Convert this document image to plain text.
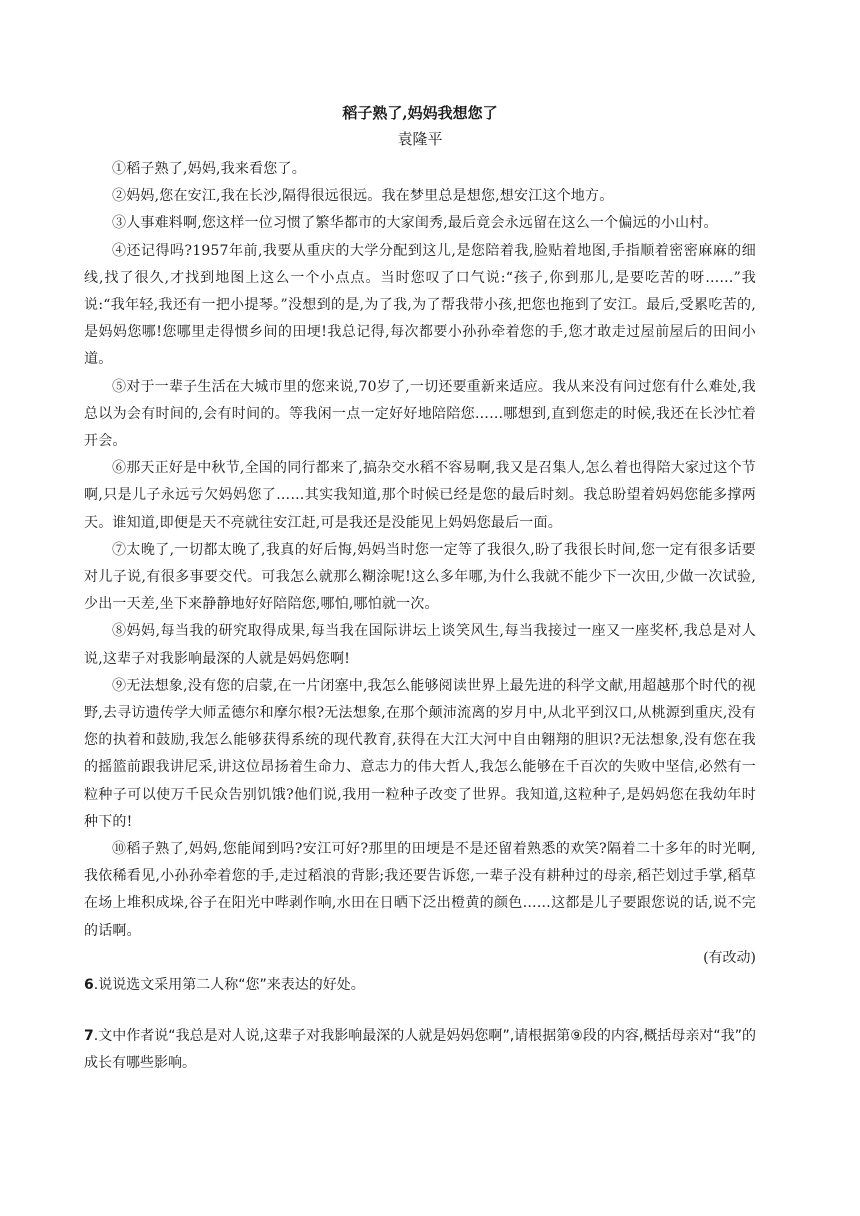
稻子熟了,妈妈我想您了
袁隆平

①稻子熟了,妈妈,我来看您了。

②妈妈,您在安江,我在长沙,隔得很远很远。我在梦里总是想您,想安江这个地方。

③人事难料啊,您这样一位习惯了繁华都市的大家闺秀,最后竟会永远留在这么一个偏远的小山村。

④还记得吗?1957年前,我要从重庆的大学分配到这儿,是您陪着我,脸贴着地图,手指顺着密密麻麻的细线,找了很久,才找到地图上这么一个小点点。当时您叹了口气说:“孩子,你到那儿,是要吃苦的呀……”我说:“我年轻,我还有一把小提琴。”没想到的是,为了我,为了帮我带小孩,把您也拖到了安江。最后,受累吃苦的,是妈妈您哪!您哪里走得惯乡间的田埂!我总记得,每次都要小孙孙牵着您的手,您才敢走过屋前屋后的田间小道。

⑤对于一辈子生活在大城市里的您来说,70岁了,一切还要重新来适应。我从来没有问过您有什么难处,我总以为会有时间的,会有时间的。等我闲一点一定好好地陪陪您……哪想到,直到您走的时候,我还在长沙忙着开会。

⑥那天正好是中秋节,全国的同行都来了,搞杂交水稻不容易啊,我又是召集人,怎么着也得陪大家过这个节啊,只是儿子永远亏欠妈妈您了……其实我知道,那个时候已经是您的最后时刻。我总盼望着妈妈您能多撑两天。谁知道,即便是天不亮就往安江赶,可是我还是没能见上妈妈您最后一面。

⑦太晚了,一切都太晚了,我真的好后悔,妈妈当时您一定等了我很久,盼了我很长时间,您一定有很多话要对儿子说,有很多事要交代。可我怎么就那么糊涂呢!这么多年哪,为什么我就不能少下一次田,少做一次试验,少出一天差,坐下来静静地好好陪陪您,哪怕,哪怕就一次。

⑧妈妈,每当我的研究取得成果,每当我在国际讲坛上谈笑风生,每当我接过一座又一座奖杯,我总是对人说,这辈子对我影响最深的人就是妈妈您啊!

⑨无法想象,没有您的启蒙,在一片闭塞中,我怎么能够阅读世界上最先进的科学文献,用超越那个时代的视野,去寻访遗传学大师孟德尔和摩尔根?无法想象,在那个颠沛流离的岁月中,从北平到汉口,从桃源到重庆,没有您的执着和鼓励,我怎么能够获得系统的现代教育,获得在大江大河中自由翱翔的胆识?无法想象,没有您在我的摇篮前跟我讲尼采,讲这位昂扬着生命力、意志力的伟大哲人,我怎么能够在千百次的失败中坚信,必然有一粒种子可以使万千民众告别饥饿?他们说,我用一粒种子改变了世界。我知道,这粒种子,是妈妈您在我幼年时种下的!

⑩稻子熟了,妈妈,您能闻到吗?安江可好?那里的田埂是不是还留着熟悉的欢笑?隔着二十多年的时光啊,我依稀看见,小孙孙牵着您的手,走过稻浪的背影;我还要告诉您,一辈子没有耕种过的母亲,稻芒划过手掌,稻草在场上堆积成垛,谷子在阳光中哔剥作响,水田在日晒下泛出橙黄的颜色……这都是儿子要跟您说的话,说不完的话啊。

(有改动)
6.说说选文采用第二人称“您”来表达的好处。
7.文中作者说“我总是对人说,这辈子对我影响最深的人就是妈妈您啊”,请根据第⑨段的内容,概括母亲对“我”的成长有哪些影响。
